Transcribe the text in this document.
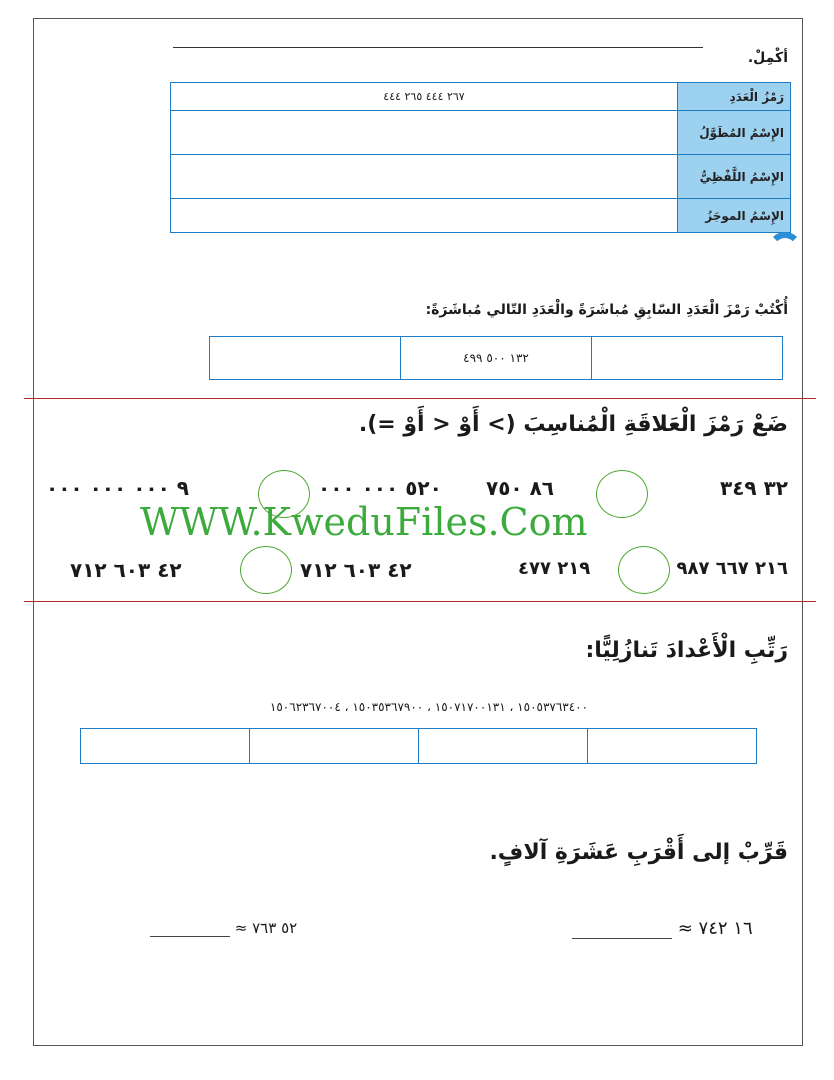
أكْمِلْ.
رَمْزُ الْعَدَدِ	٢٦٧ ٤٤٤ ٢٦٥ ٤٤٤
الإِسْمُ المُطَوَّلُ	
الإِسْمُ اللَّفْظِيُّ	
الإِسْمُ الموجَزُ	
أُكْتُبْ رَمْزَ الْعَدَدِ السّابِقِ مُباشَرَةً والْعَدَدِ التّالي مُباشَرَةً:
	١٣٢ ٥٠٠ ٤٩٩	
ضَعْ رَمْزَ الْعَلاقَةِ الْمُناسِبَ (> أَوْ < أَوْ =).
٣٢ ٣٤٩
٨٦ ٧٥٠
٥٢٠ ٠٠٠ ٠٠٠
٩ ٠٠٠ ٠٠٠ ٠٠٠
WWW.KweduFiles.Com
٢١٦ ٦٦٧ ٩٨٧
٢١٩ ٤٧٧
٤٢ ٦٠٣ ٧١٢
٤٢ ٦٠٣ ٧١٢
رَتِّبِ الْأَعْدادَ تَنازُلِيًّا:
١٥٠٥٣٧٦٣٤٠٠ ، ١٥٠٧١٧٠٠١٣١ ، ١٥٠٣٥٣٦٧٩٠٠ ، ١٥٠٦٢٣٦٧٠٠٤

قَرِّبْ إلى أَقْرَبِ عَشَرَةِ آلافٍ.
≈ ١٦ ٧٤٢
≈ ٥٢ ٧٦٣
